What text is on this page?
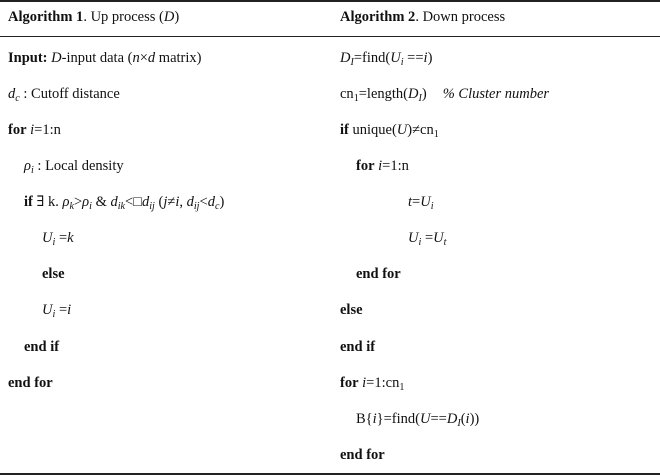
Algorithm 1. Up process (D)	Algorithm 2. Down process
Input: D-input data (n×d matrix)
$d_c$ : Cutoff distance
for i=1:n
$\rho_i$ : Local density
if ∃ k. $\rho_k>\rho_i$ & $d_{ik}<□d_{ij}$ (j≠i, $d_{ij}<d_c$)
$U_i =k$
else
$U_i =i$
end if
end for
$D_I=find(U_i ==i)$
$cn_1=length(D_I)$ % Cluster number
if $unique(U)\ne cn_1$
for i=1:n
$t=U_i$
$U_i =U_t$
end for
else
end if
for $i=1:cn_1$
$B\{i\}=find(U==D_I(i))$
end for
